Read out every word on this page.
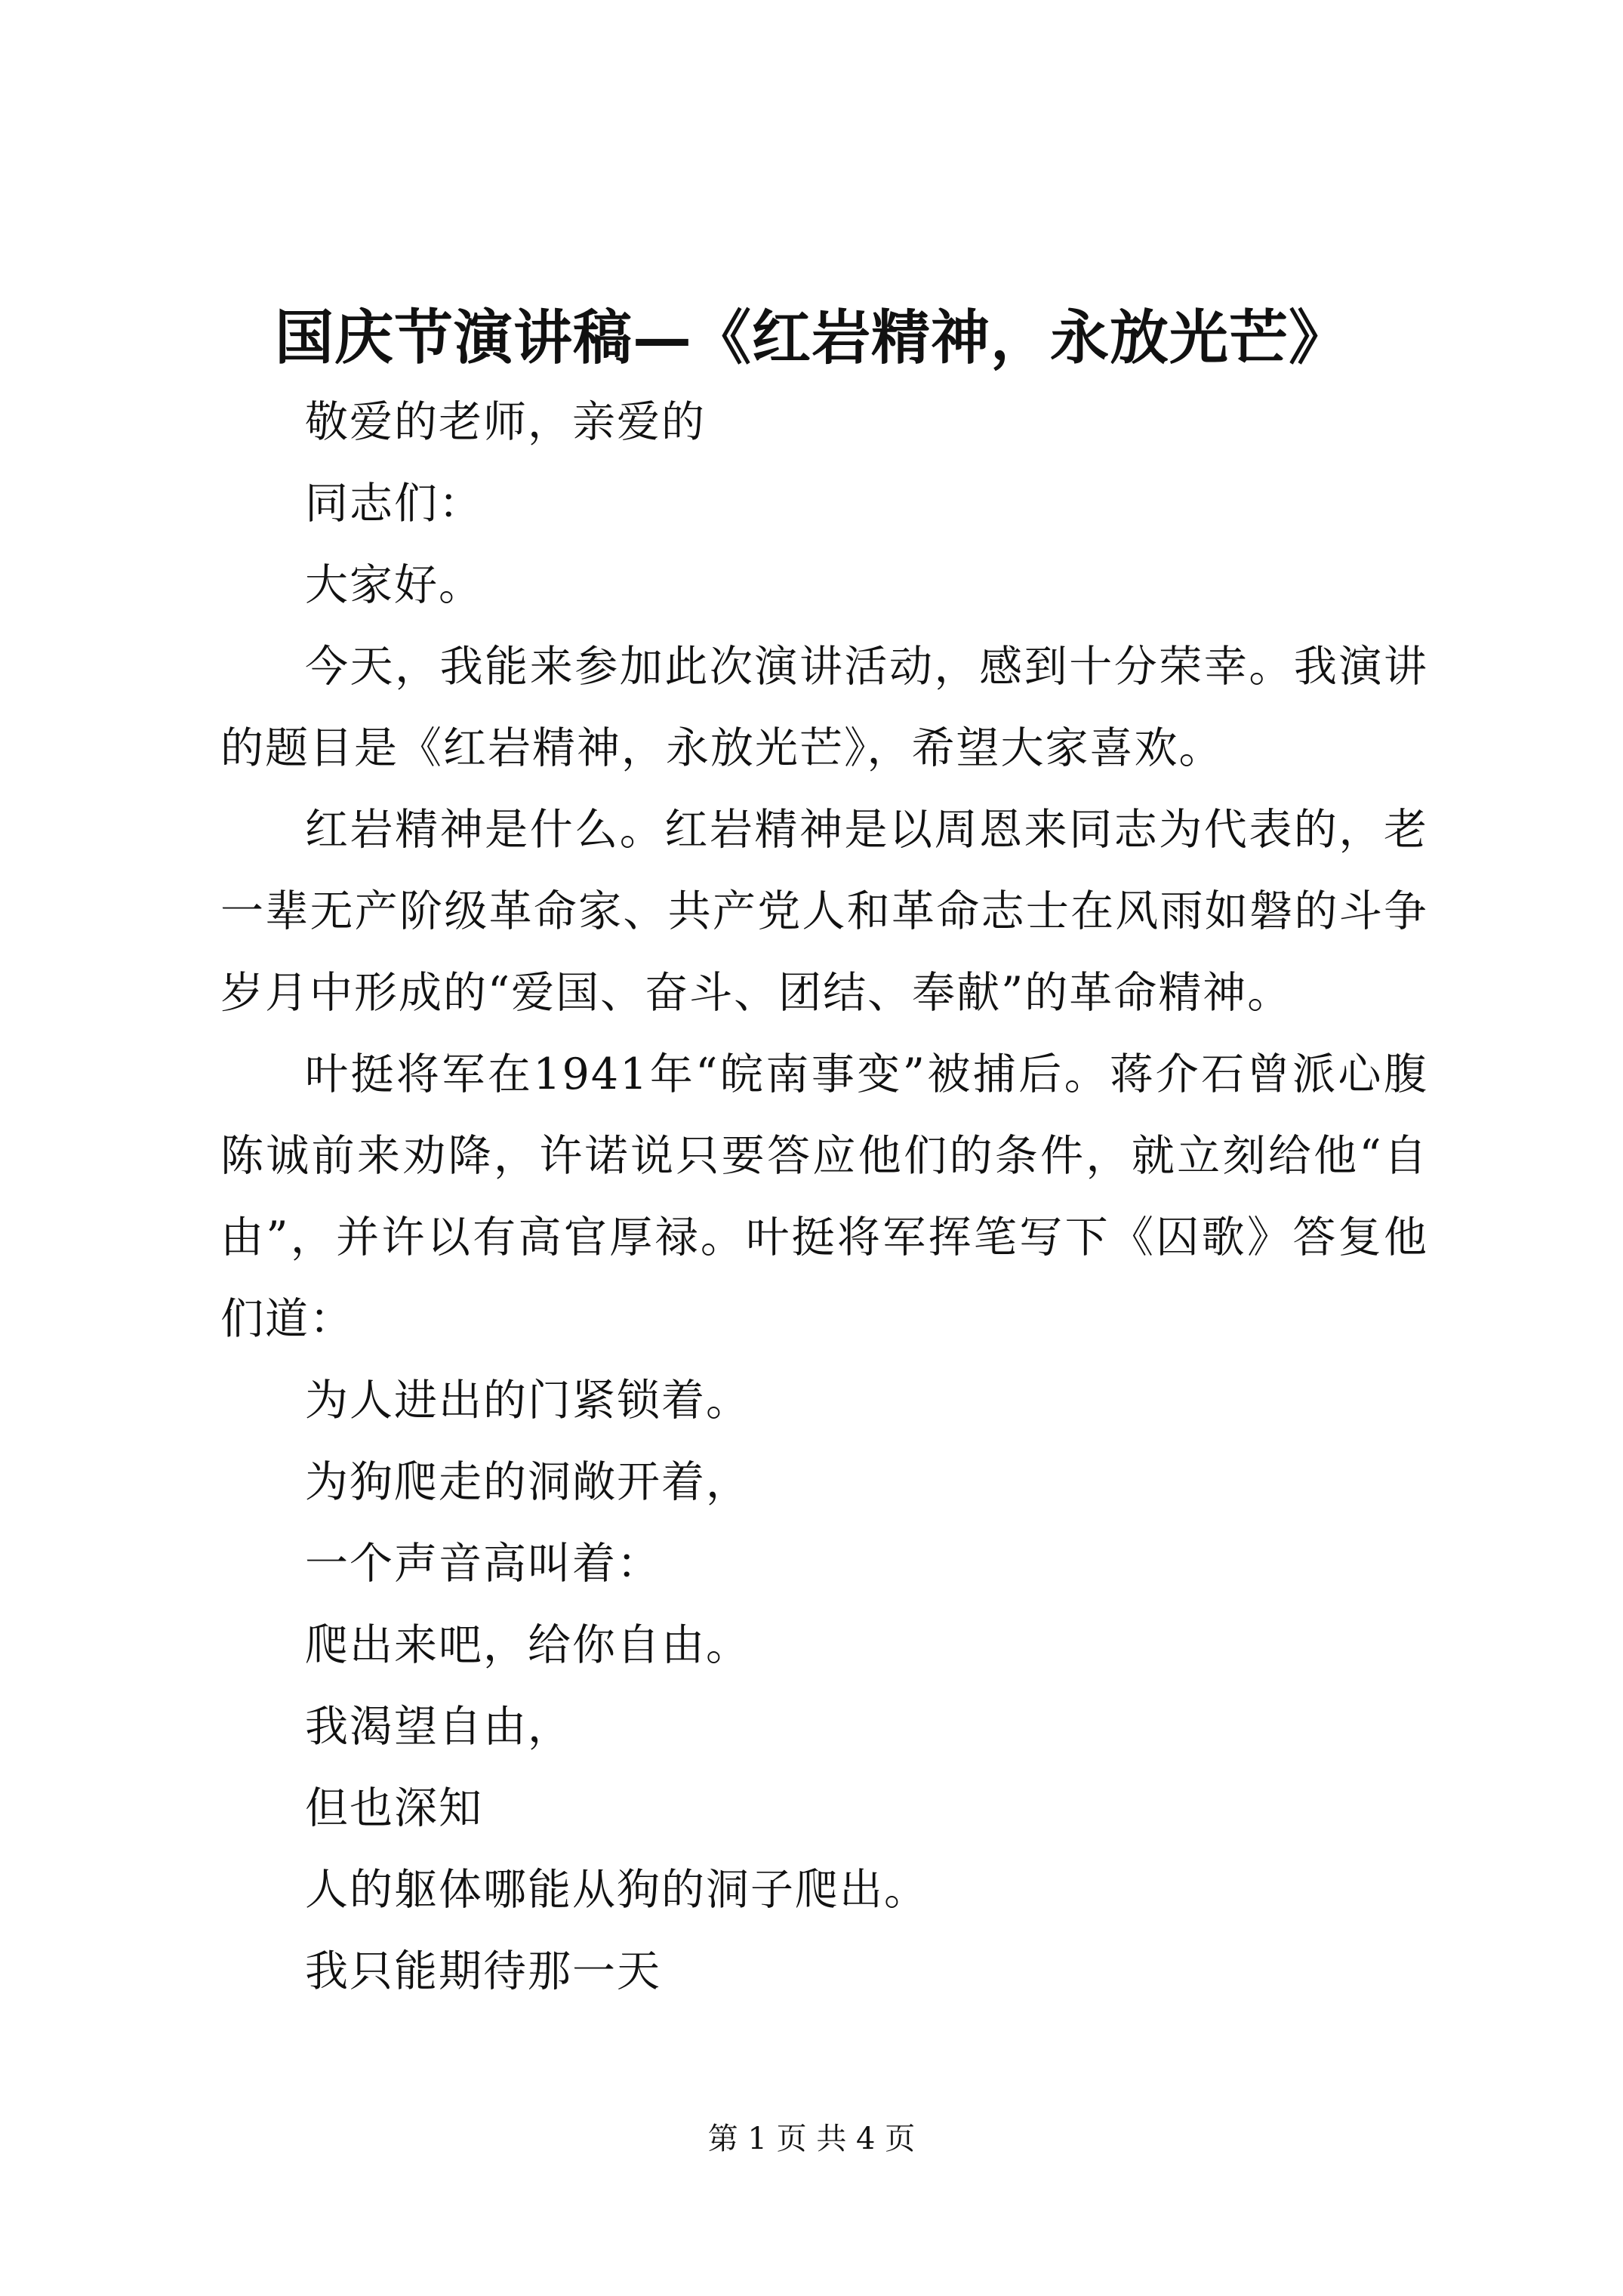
国庆节演讲稿—《红岩精神，永放光芒》

敬爱的老师，亲爱的

同志们：

大家好。

今天，我能来参加此次演讲活动，感到十分荣幸。我演讲的题目是《红岩精神，永放光芒》，希望大家喜欢。

红岩精神是什么。红岩精神是以周恩来同志为代表的，老一辈无产阶级革命家、共产党人和革命志士在风雨如磐的斗争岁月中形成的“爱国、奋斗、团结、奉献”的革命精神。

叶挺将军在1941年“皖南事变”被捕后。蒋介石曾派心腹陈诚前来劝降，许诺说只要答应他们的条件，就立刻给他“自由”，并许以有高官厚禄。叶挺将军挥笔写下《囚歌》答复他们道：

为人进出的门紧锁着。

为狗爬走的洞敞开着，

一个声音高叫着：

爬出来吧，给你自由。

我渴望自由，

但也深知

人的躯体哪能从狗的洞子爬出。

我只能期待那一天

第 1 页 共 4 页
